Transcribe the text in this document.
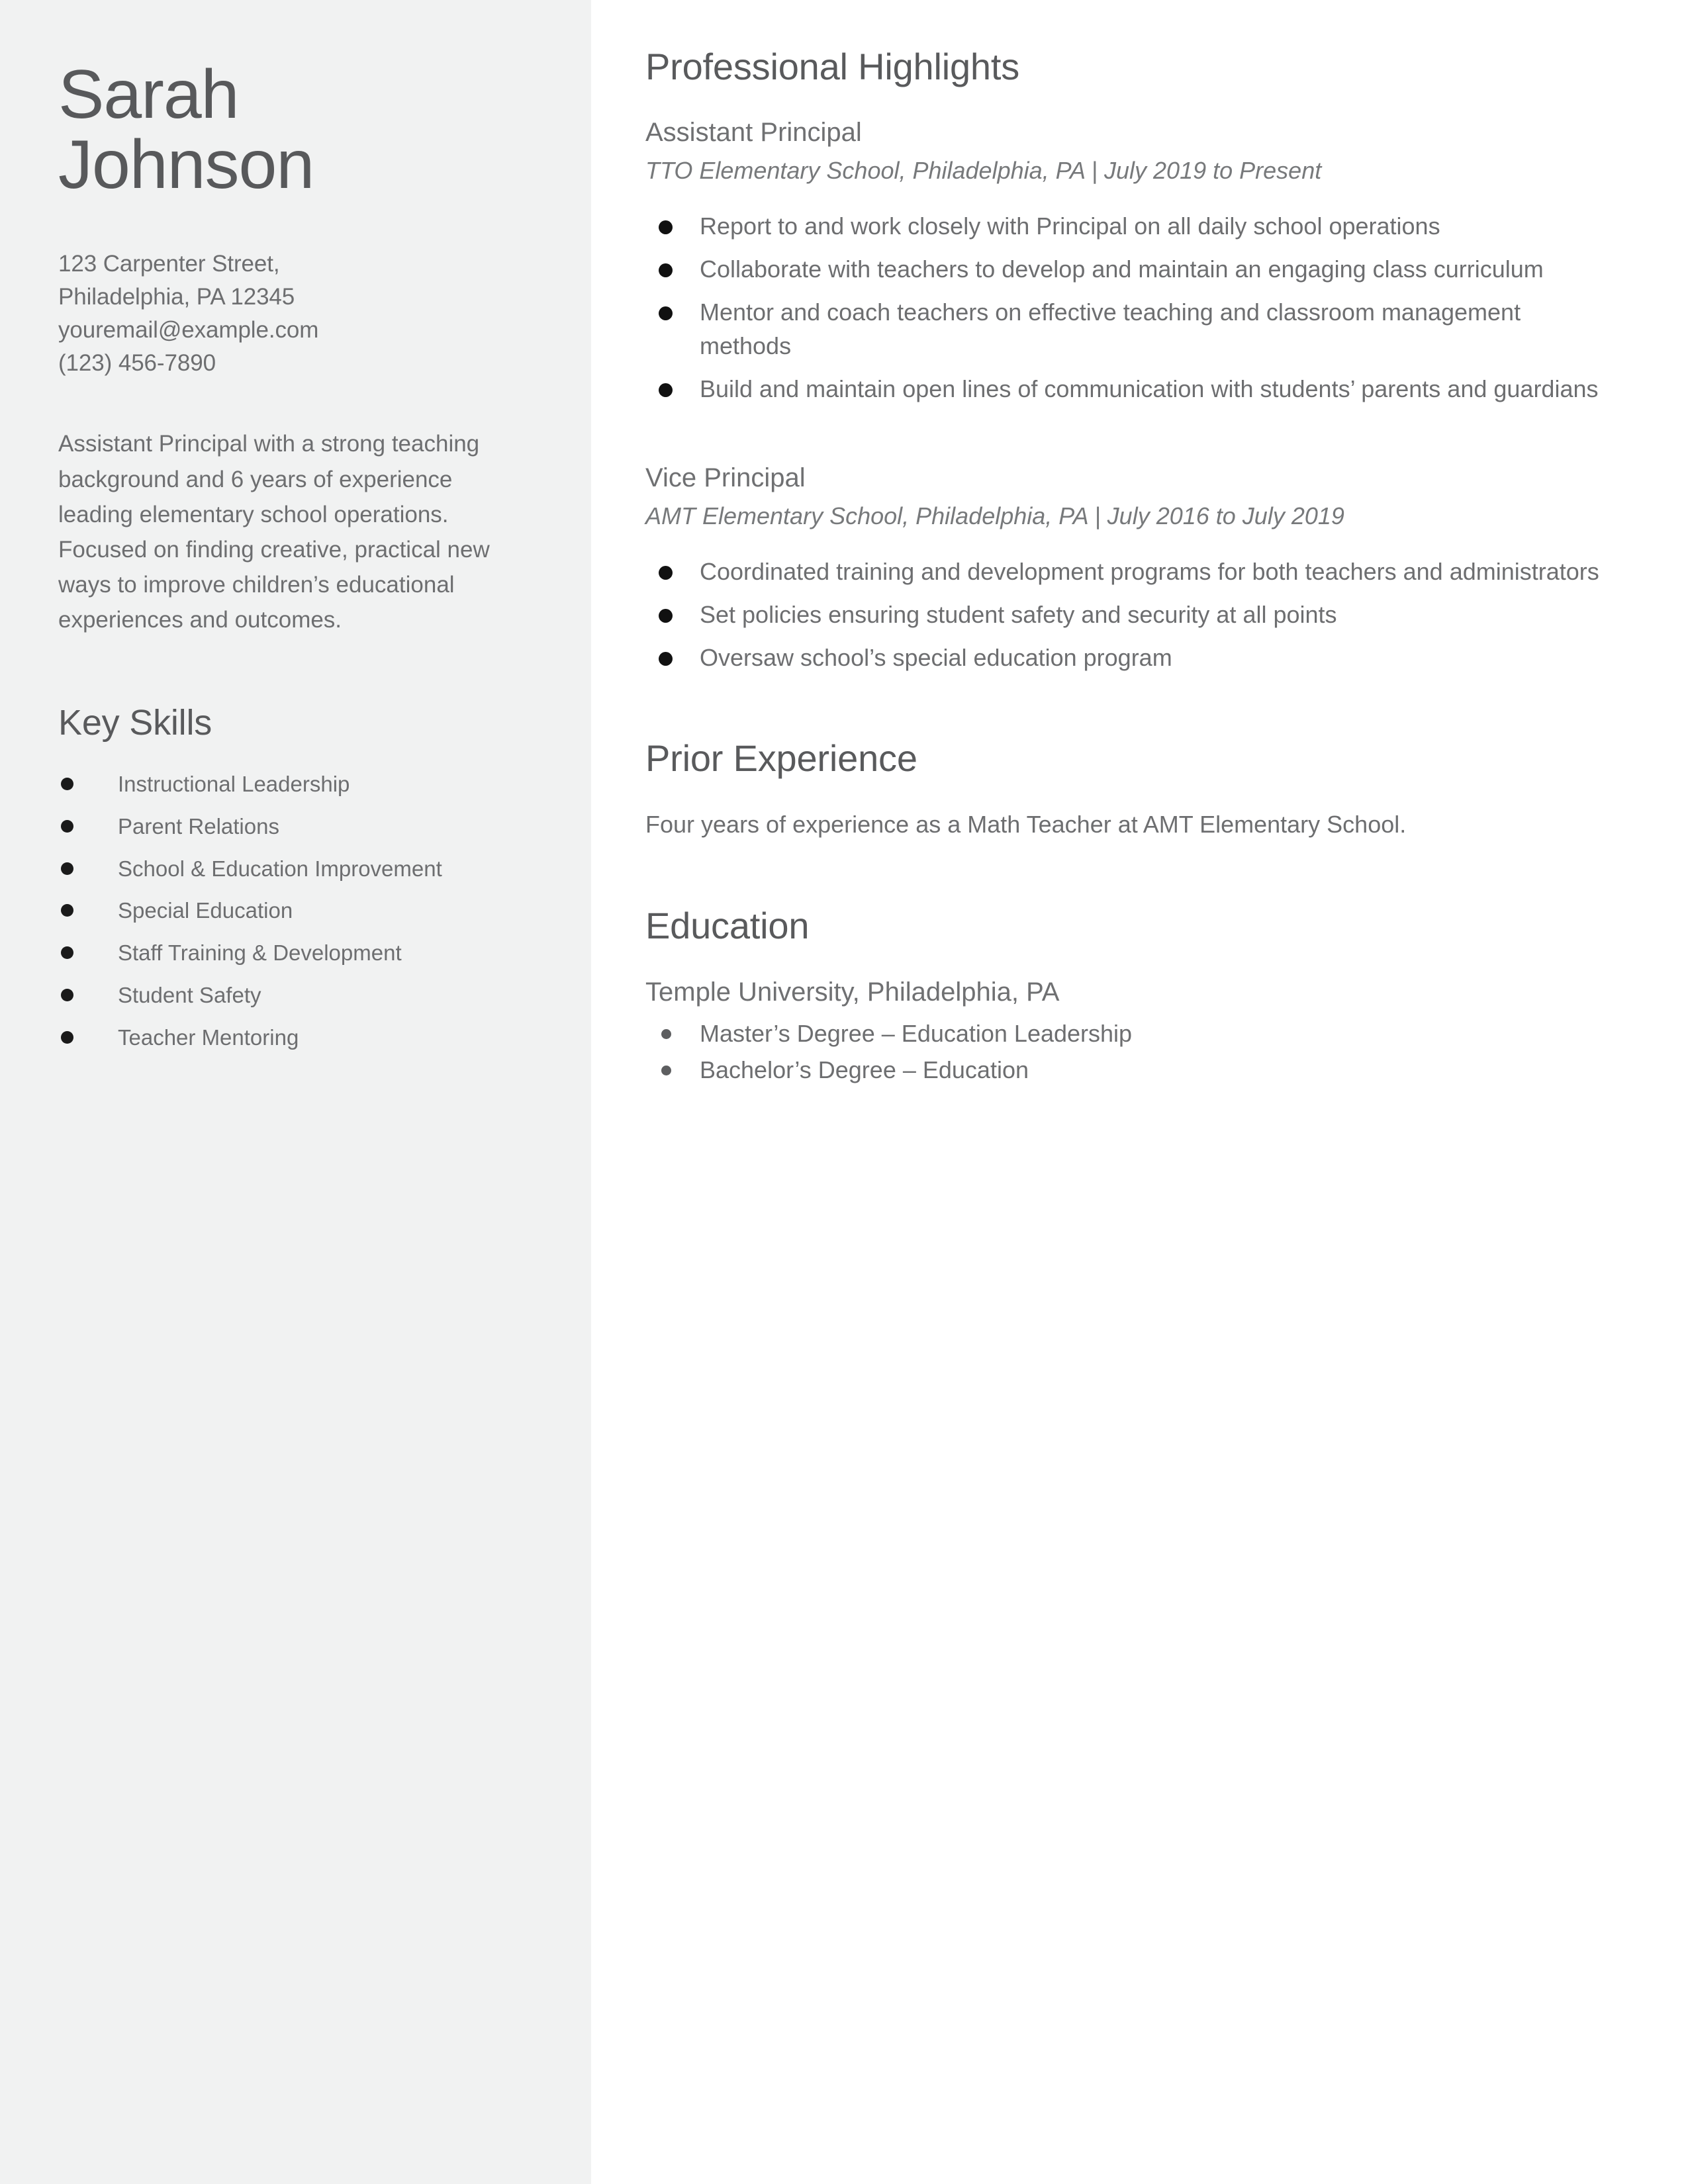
Sarah
Johnson
123 Carpenter Street,
Philadelphia, PA 12345
youremail@example.com
(123) 456-7890

Assistant Principal with a strong teaching background and 6 years of experience leading elementary school operations. Focused on finding creative, practical new ways to improve children’s educational experiences and outcomes.

Key Skills
Instructional Leadership
Parent Relations
School & Education Improvement
Special Education
Staff Training & Development
Student Safety
Teacher Mentoring
Professional Highlights
Assistant Principal

TTO Elementary School, Philadelphia, PA | July 2019 to Present

Report to and work closely with Principal on all daily school operations
Collaborate with teachers to develop and maintain an engaging class curriculum
Mentor and coach teachers on effective teaching and classroom management methods
Build and maintain open lines of communication with students’ parents and guardians
Vice Principal

AMT Elementary School, Philadelphia, PA | July 2016 to July 2019

Coordinated training and development programs for both teachers and administrators
Set policies ensuring student safety and security at all points
Oversaw school’s special education program
Prior Experience

Four years of experience as a Math Teacher at AMT Elementary School.

Education
Temple University, Philadelphia, PA
Master’s Degree – Education Leadership
Bachelor’s Degree – Education
